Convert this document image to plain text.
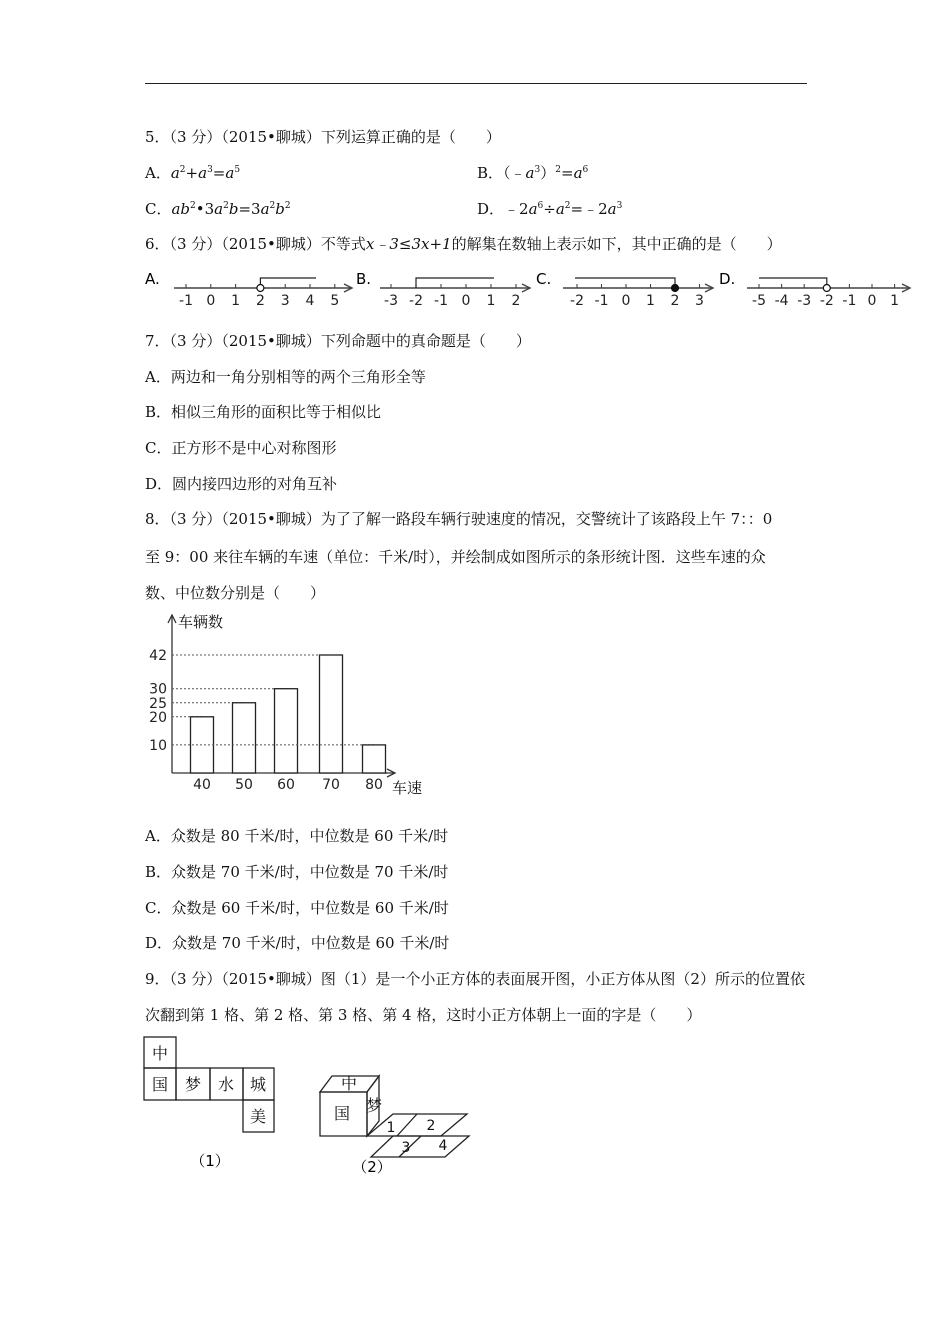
5．（3 分）（2015•聊城）下列运算正确的是（　　）
A．$a^2+a^3=a^5$	B．$(﹣a^3)^2=a^6$
C．$ab^2•3a^2b=3a^2b^2$	D．$﹣2a^6\div a^2=﹣2a^3$
6．（3 分）（2015•聊城）不等式x﹣3≤3x+1的解集在数轴上表示如下，其中正确的是（　　）
A.
-1 0 1 2 3 4 5
B.
-3 -2 -1 0 1 2
C.
-2 -1 0 1 2 3
D.
-5 -4 -3 -2 -1 0 1
7．（3 分）（2015•聊城）下列命题中的真命题是（　　）
A．两边和一角分别相等的两个三角形全等
B．相似三角形的面积比等于相似比
C．正方形不是中心对称图形
D．圆内接四边形的对角互补
8．（3 分）（2015•聊城）为了了解一路段车辆行驶速度的情况，交警统计了该路段上午 7：：0
至 9：00 来往车辆的车速（单位：千米/时），并绘制成如图所示的条形统计图．这些车速的众
数、中位数分别是（　　）
车辆数
车速
40 50 60 70 80
10
20
25
30
42
A．众数是 80 千米/时，中位数是 60 千米/时
B．众数是 70 千米/时，中位数是 70 千米/时
C．众数是 60 千米/时，中位数是 60 千米/时
D．众数是 70 千米/时，中位数是 60 千米/时
9．（3 分）（2015•聊城）图（1）是一个小正方体的表面展开图，小正方体从图（2）所示的位置依
次翻到第 1 格、第 2 格、第 3 格、第 4 格，这时小正方体朝上一面的字是（　　）
中
国 梦 水 城
美
（1）
中
国 梦
1 2
3 4
（2）
